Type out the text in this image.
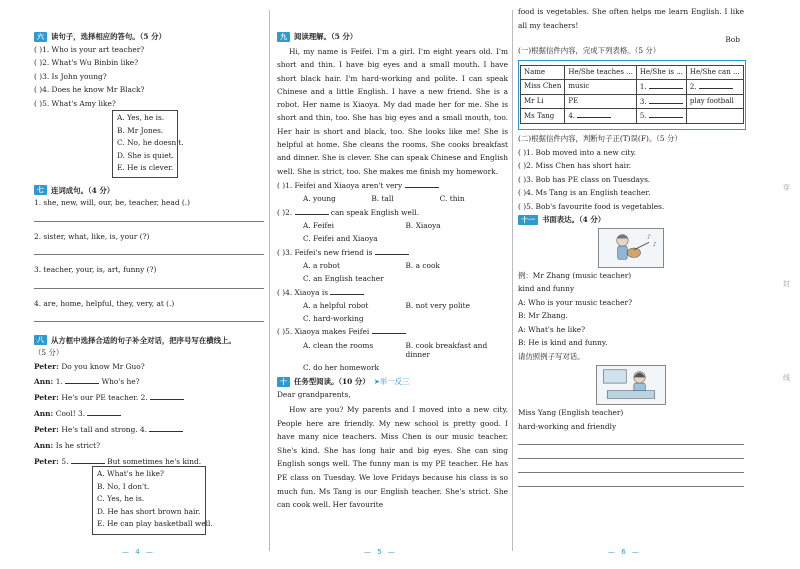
六 读句子，选择相应的答句。（5 分）
( )1. Who is your art teacher?
( )2. What's Wu Binbin like?
( )3. Is John young?
( )4. Does he know Mr Black?
( )5. What's Amy like?
A. Yes, he is.
B. Mr Jones.
C. No, he doesn't.
D. She is quiet.
E. He is clever.
七 连词成句。（4 分）
1. she, new, will, our, be, teacher, head (.)
2. sister, what, like, is, your (?)
3. teacher, your, is, art, funny (?)
4. are, home, helpful, they, very, at (.)
八 从方框中选择合适的句子补全对话，把序号写在横线上。
（5 分）
Peter: Do you know Mr Guo?
Ann: 1.	Who's he?
Peter: He's our PE teacher. 2.
Ann: Cool! 3.
Peter: He's tall and strong. 4.
Ann: Is he strict?
Peter: 5.	But sometimes he's kind.
A. What's he like?
B. No, I don't.
C. Yes, he is.
D. He has short brown hair.
E. He can play basketball well.
— 4 —
九 阅读理解。（5 分）

Hi, my name is Feifei. I'm a girl. I'm eight years old. I'm short and thin. I have big eyes and a small mouth. I have short black hair. I'm hard-working and polite. I can speak Chinese and a little English. I have a new friend. She is a robot. Her name is Xiaoya. My dad made her for me. She is short and thin, too. She has big eyes and a small mouth, too. Her hair is short and black, too. She looks like me! She is helpful at home. She cleans the rooms. She cooks breakfast and dinner. She is clever. She can speak Chinese and English well. She is strict, too. She makes me finish my homework.

( )1. Feifei and Xiaoya aren't very
A. young	B. tall	C. thin
( )2.	can speak English well.
A. Feifei	B. Xiaoya
C. Feifei and Xiaoya
( )3. Feifei's new friend is
A. a robot	B. a cook
C. an English teacher
( )4. Xiaoya is
A. a helpful robot	B. not very polite
C. hard-working
( )5. Xiaoya makes Feifei
A. clean the rooms	B. cook breakfast and dinner
C. do her homework
十 任务型阅读。（10 分） ➤举一反三
Dear grandparents,

How are you? My parents and I moved into a new city. People here are friendly. My new school is pretty good. I have many nice teachers. Miss Chen is our music teacher. She's kind. She has long hair and big eyes. She can sing English songs well. The funny man is my PE teacher. He has PE class on Tuesday. We love Fridays because his class is so much fun. Ms Tang is our English teacher. She's strict. She can cook well. Her favourite

— 5 —

food is vegetables. She often helps me learn English. I like all my teachers!

Bob
(一)根据信件内容，完成下列表格。（5 分）
Name	He/She teaches ...	He/She is ...	He/She can ...
Miss Chen	music	1.	2.
Mr Li	PE	3.	play football
Ms Tang	4.	5.	
(二)根据信件内容，判断句子正(T)误(F)。（5 分）
( )1. Bob moved into a new city.
( )2. Miss Chen has short hair.
( )3. Bob has PE class on Tuesdays.
( )4. Ms Tang is an English teacher.
( )5. Bob's favourite food is vegetables.
十一 书面表达。（4 分）
♪
♪
例：Mr Zhang (music teacher)
kind and funny
A: Who is your music teacher?
B: Mr Zhang.
A: What's he like?
B: He is kind and funny.
请仿照例子写对话。
Miss Yang (English teacher)
hard-working and friendly
— 6 —
穿
封
线
